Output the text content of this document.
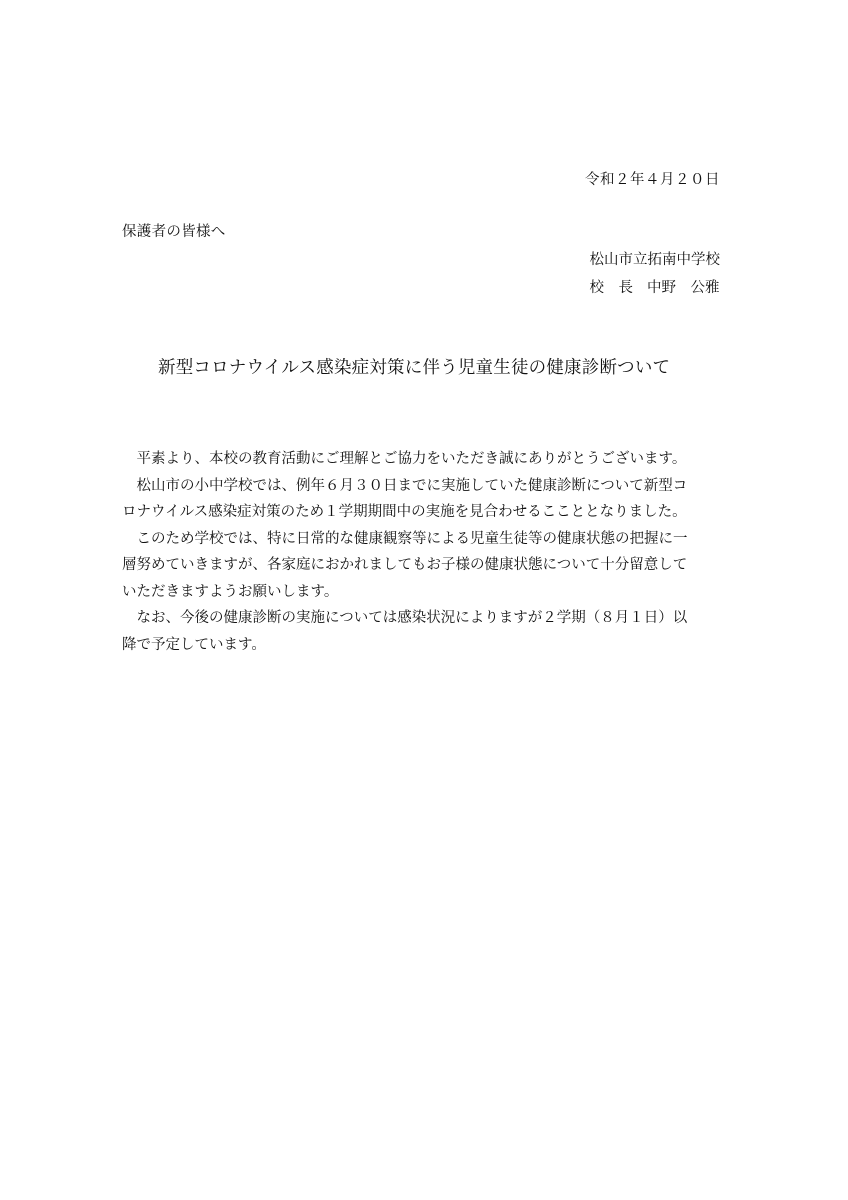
令和２年４月２０日
保護者の皆様へ
松山市立拓南中学校
校　長 中野　公雅
新型コロナウイルス感染症対策に伴う児童生徒の健康診断ついて

平素より、本校の教育活動にご理解とご協力をいただき誠にありがとうございます。

松山市の小中学校では、例年６月３０日までに実施していた健康診断について新型コ

ロナウイルス感染症対策のため１学期期間中の実施を見合わせるここととなりました。

このため学校では、特に日常的な健康観察等による児童生徒等の健康状態の把握に一

層努めていきますが、各家庭におかれましてもお子様の健康状態について十分留意して

いただきますようお願いします。

なお、今後の健康診断の実施については感染状況によりますが２学期（８月１日）以

降で予定しています。
